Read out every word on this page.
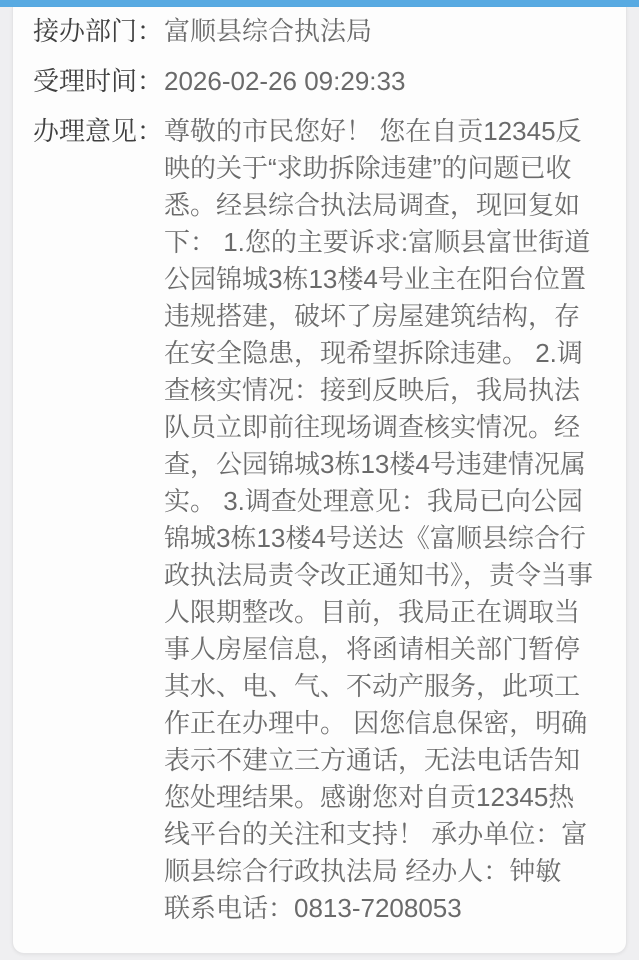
接办部门： 富顺县综合执法局
受理时间： 2026-02-26 09:29:33
办理意见： 尊敬的市民您好！ 您在自贡12345反映的关于“求助拆除违建”的问题已收悉。经县综合执法局调查，现回复如下： 1.您的主要诉求:富顺县富世街道公园锦城3栋13楼4号业主在阳台位置违规搭建，破坏了房屋建筑结构，存在安全隐患，现希望拆除违建。 2.调查核实情况：接到反映后，我局执法队员立即前往现场调查核实情况。经查，公园锦城3栋13楼4号违建情况属实。 3.调查处理意见：我局已向公园锦城3栋13楼4号送达《富顺县综合行政执法局责令改正通知书》，责令当事人限期整改。目前，我局正在调取当事人房屋信息，将函请相关部门暂停其水、电、气、不动产服务，此项工作正在办理中。 因您信息保密，明确表示不建立三方通话，无法电话告知您处理结果。感谢您对自贡12345热线平台的关注和支持！ 承办单位：富顺县综合行政执法局 经办人：钟敏 联系电话：0813-7208053
